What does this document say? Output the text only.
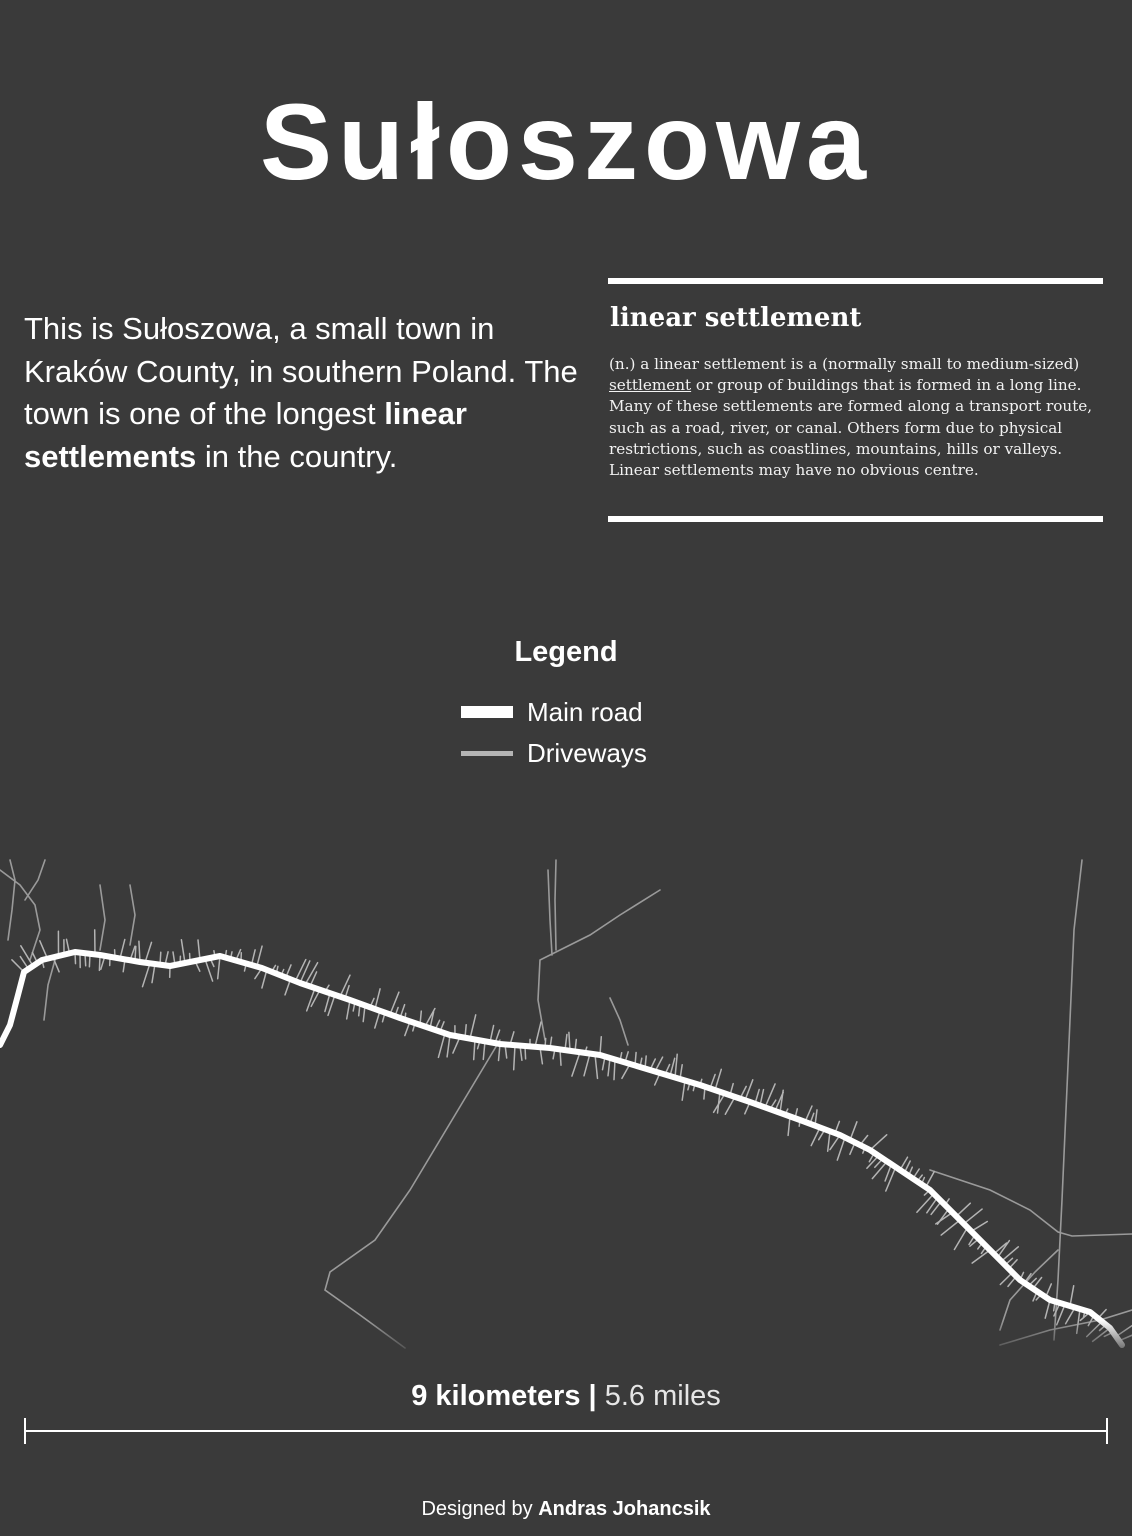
Sułoszowa

This is Sułoszowa, a small town in Kraków County, in southern Poland. The town is one of the longest linear settlements in the country.

linear settlement

(n.) a linear settlement is a (normally small to medium-sized) settlement or group of buildings that is formed in a long line. Many of these settlements are formed along a transport route, such as a road, river, or canal. Others form due to physical restrictions, such as coastlines, mountains, hills or valleys. Linear settlements may have no obvious centre.

Legend

Main road
Driveways

9 kilometers | 5.6 miles

Designed by Andras Johancsik
